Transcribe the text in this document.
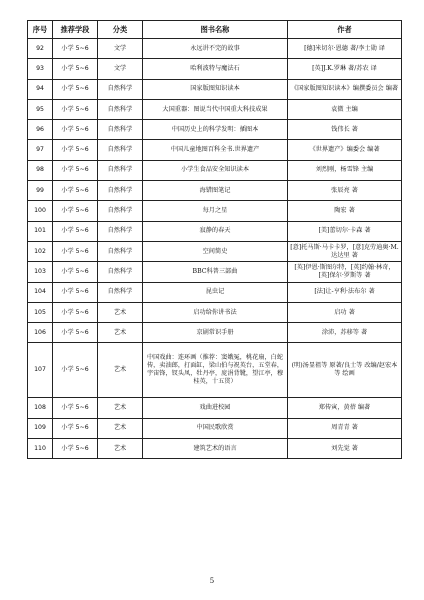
序号	推荐学段	分类	图书名称	作者
92	小学 5~6	文学	永远讲不完的故事	[德]米切尔·恩德 著/李士勋 译
93	小学 5~6	文学	哈利波特与魔法石	[英]J.K.罗琳 著/苏农 译
94	小学 5~6	自然科学	国家版图知识读本	《国家版图知识读本》编撰委员会 编著
95	小学 5~6	自然科学	大国重器：图说当代中国重大科技成果	袁微 主编
96	小学 5~6	自然科学	中国历史上的科学发明：插图本	钱伟长 著
97	小学 5~6	自然科学	中国儿童地图百科全书.世界遗产	《世界遗产》编委会 编著
98	小学 5~6	自然科学	小学生食品安全知识读本	刘烈刚，杨雪锋 主编
99	小学 5~6	自然科学	海错图笔记	张辰亮 著
100	小学 5~6	自然科学	每月之星	陶宏 著
101	小学 5~6	自然科学	寂静的春天	[美]蕾切尔·卡森 著
102	小学 5~6	自然科学	空间简史	[意]托马斯·马卡卡罗，[意]克劳迪奥·M.达达里 著
103	小学 5~6	自然科学	BBC科普三部曲	[英]伊恩·斯图尔特，[英]约翰·林奇，[英]保尔·罗斯等 著
104	小学 5~6	自然科学	昆虫记	[法]让-亨利·法布尔 著
105	小学 5~6	艺术	启功给你讲书法	启功 著
106	小学 5~6	艺术	京剧常识手册	涂沛，苏移等 著
107	小学 5~6	艺术	中国戏曲：连环画（推荐：窦娥冤，桃花扇，白蛇传，卖油郎，打面缸，梁山伯与祝英台，五堂春，宇宙锋，钗头凤，牡丹亭，庞涓背靴，望江亭，穆桂英，十五贯）	(明)汤显祖等 原著/良士等 改编/赵宏本等 绘画
108	小学 5~6	艺术	戏曲进校园	郑传寅，黄蓓 编著
109	小学 5~6	艺术	中国民歌欣赏	周青青 著
110	小学 5~6	艺术	建筑艺术的语言	刘先觉 著
5
